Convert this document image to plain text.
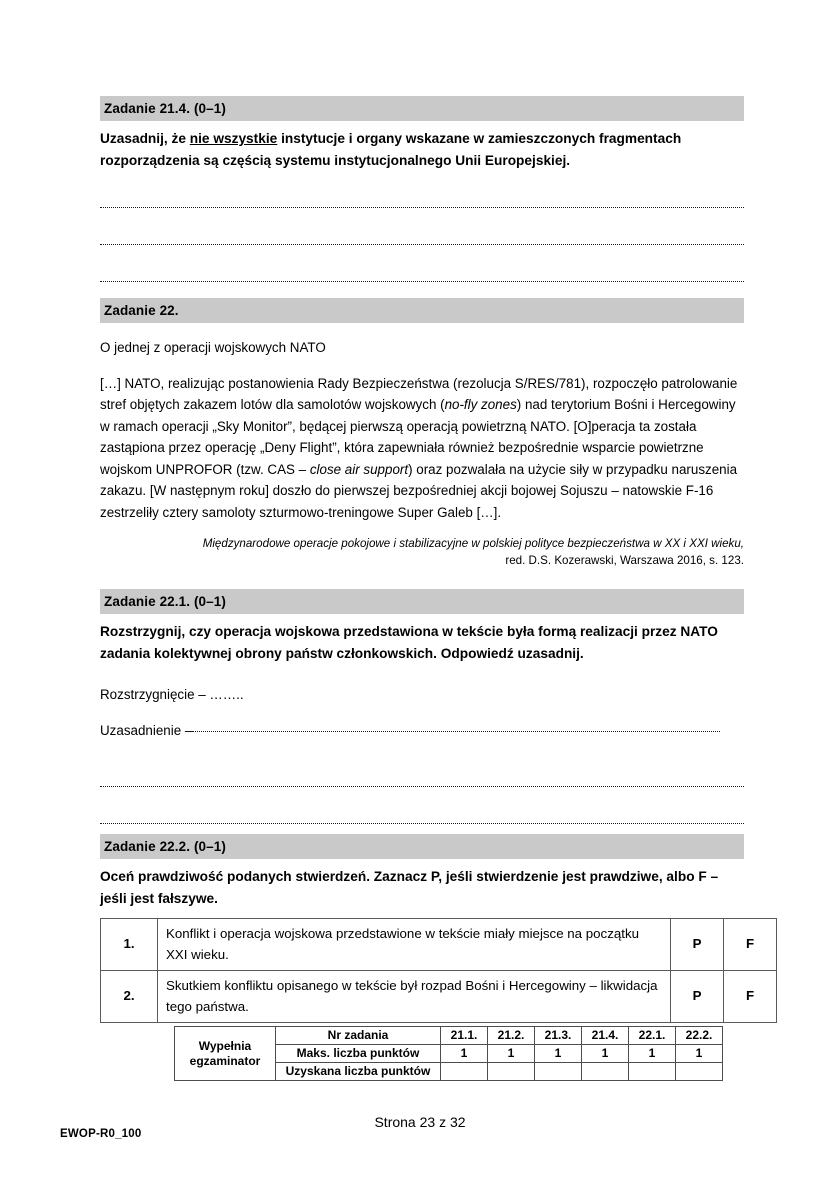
Zadanie 21.4. (0–1)
Uzasadnij, że nie wszystkie instytucje i organy wskazane w zamieszczonych fragmentach rozporządzenia są częścią systemu instytucjonalnego Unii Europejskiej.
Zadanie 22.
O jednej z operacji wojskowych NATO
[…] NATO, realizując postanowienia Rady Bezpieczeństwa (rezolucja S/RES/781), rozpoczęło patrolowanie stref objętych zakazem lotów dla samolotów wojskowych (no-fly zones) nad terytorium Bośni i Hercegowiny w ramach operacji „Sky Monitor”, będącej pierwszą operacją powietrzną NATO. [O]peracja ta została zastąpiona przez operację „Deny Flight”, która zapewniała również bezpośrednie wsparcie powietrzne wojskom UNPROFOR (tzw. CAS – close air support) oraz pozwalała na użycie siły w przypadku naruszenia zakazu. [W następnym roku] doszło do pierwszej bezpośredniej akcji bojowej Sojuszu – natowskie F-16 zestrzeliły cztery samoloty szturmowo-treningowe Super Galeb […].
Międzynarodowe operacje pokojowe i stabilizacyjne w polskiej polityce bezpieczeństwa w XX i XXI wieku,
red. D.S. Kozerawski, Warszawa 2016, s. 123.
Zadanie 22.1. (0–1)
Rozstrzygnij, czy operacja wojskowa przedstawiona w tekście była formą realizacji przez NATO zadania kolektywnej obrony państw członkowskich. Odpowiedź uzasadnij.
Rozstrzygnięcie – ……..
Uzasadnienie –
Zadanie 22.2. (0–1)
Oceń prawdziwość podanych stwierdzeń. Zaznacz P, jeśli stwierdzenie jest prawdziwe, albo F – jeśli jest fałszywe.
1.	Konflikt i operacja wojskowa przedstawione w tekście miały miejsce na początku XXI wieku.	P	F
2.	Skutkiem konfliktu opisanego w tekście był rozpad Bośni i Hercegowiny – likwidacja tego państwa.	P	F
Wypełnia
egzaminator	Nr zadania	21.1.	21.2.	21.3.	21.4.	22.1.	22.2.
	Maks. liczba punktów	1	1	1	1	1	1
	Uzyskana liczba punktów						
Strona 23 z 32
EWOP-R0_100
